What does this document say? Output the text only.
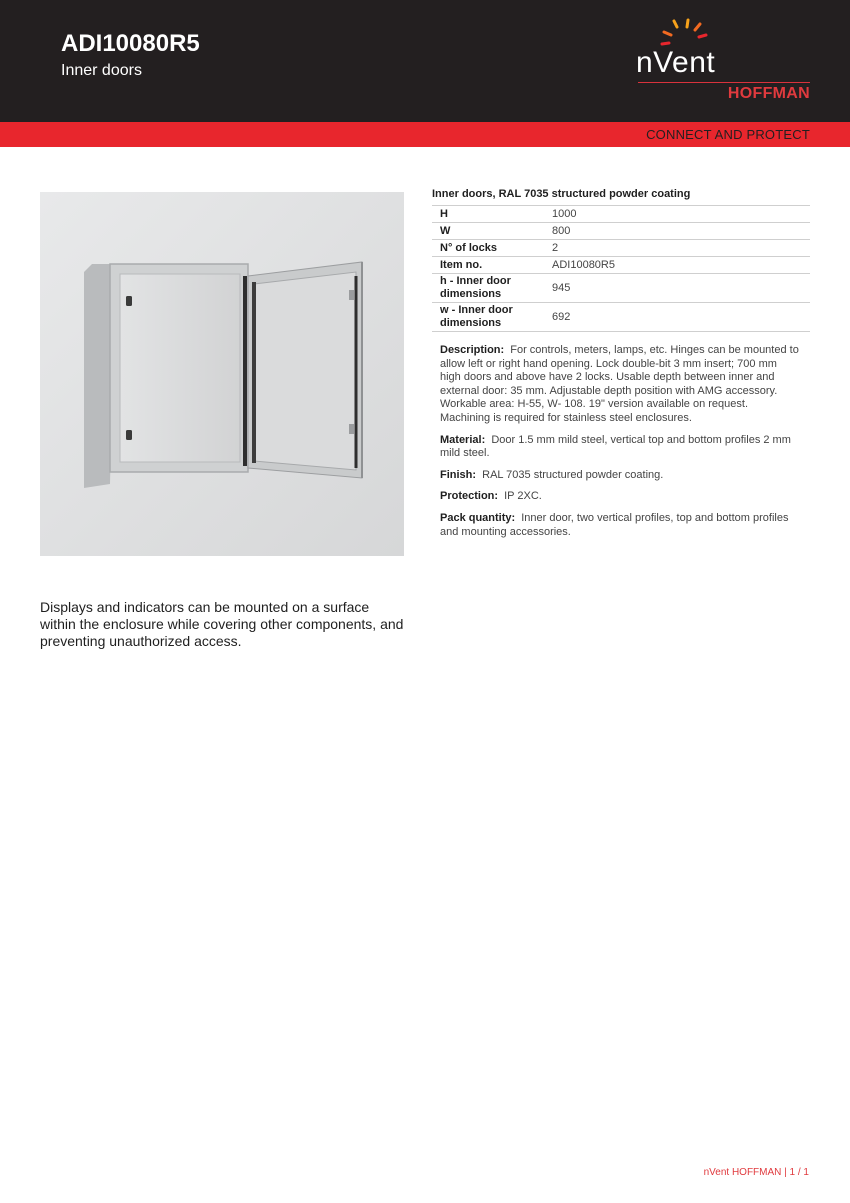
ADI10080R5
Inner doors	nVent
HOFFMAN
CONNECT AND PROTECT
Inner doors, RAL 7035 structured powder coating
H	1000
W	800
N° of locks	2
Item no.	ADI10080R5
h - Inner door dimensions	945
w - Inner door dimensions	692

Description: For controls, meters, lamps, etc. Hinges can be mounted to allow left or right hand opening. Lock double-bit 3 mm insert; 700 mm high doors and above have 2 locks. Usable depth between inner and external door: 35 mm. Adjustable depth position with AMG accessory. Workable area: H-55, W- 108. 19" version available on request. Machining is required for stainless steel enclosures.

Material: Door 1.5 mm mild steel, vertical top and bottom profiles 2 mm mild steel.

Finish: RAL 7035 structured powder coating.

Protection: IP 2XC.

Pack quantity: Inner door, two vertical profiles, top and bottom profiles and mounting accessories.

Displays and indicators can be mounted on a surface within the enclosure while covering other components, and preventing unauthorized access.
nVent HOFFMAN | 1 / 1
